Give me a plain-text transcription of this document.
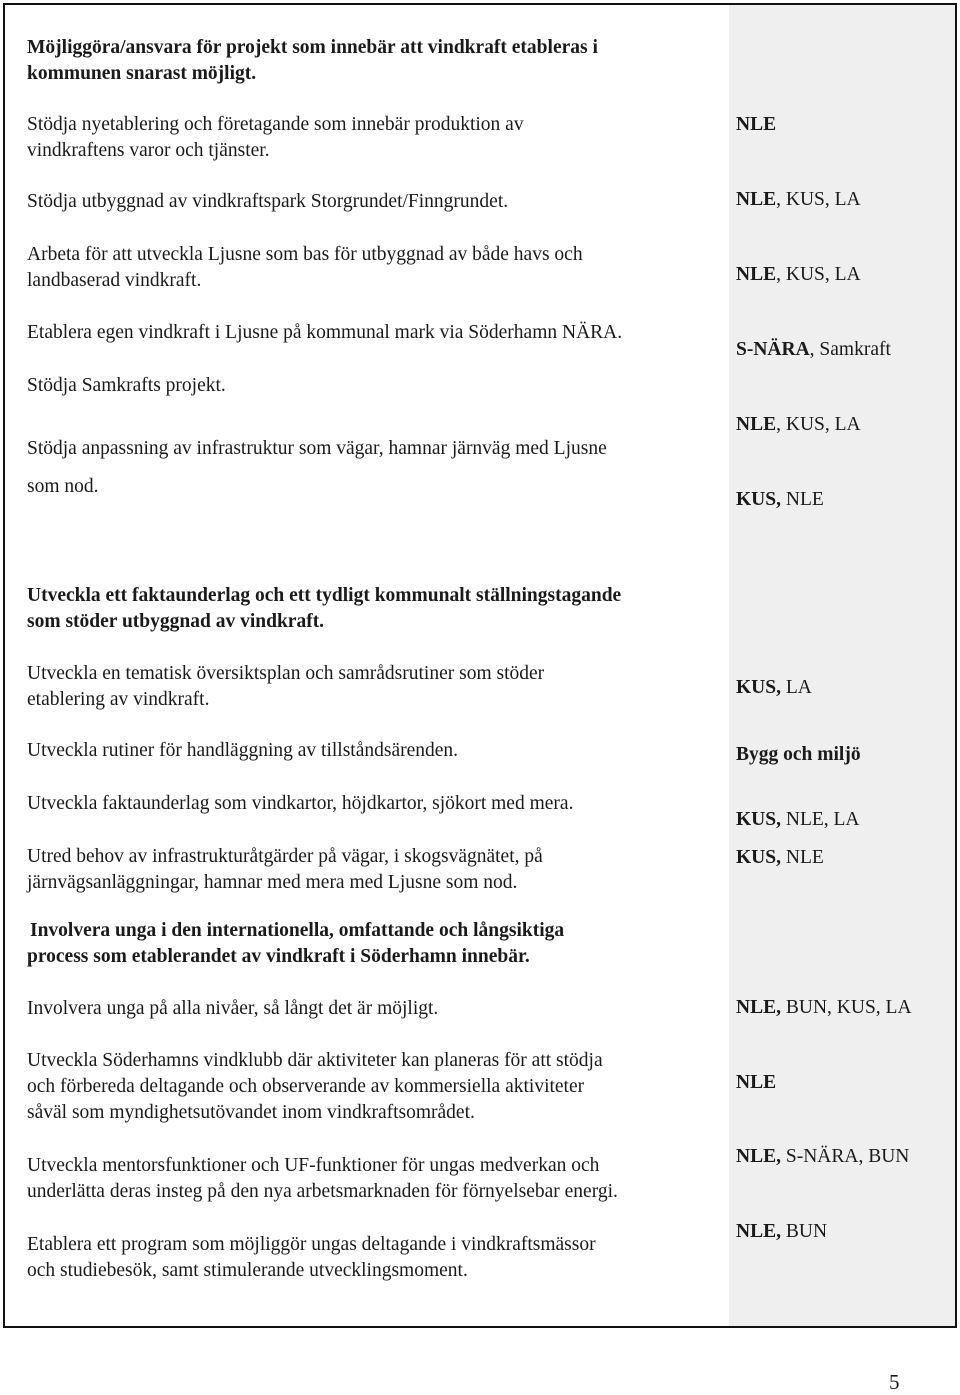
Möjliggöra/ansvara för projekt som innebär att vindkraft etableras i
kommunen snarast möjligt.
Stödja nyetablering och företagande som innebär produktion av
vindkraftens varor och tjänster.
Stödja utbyggnad av vindkraftspark Storgrundet/Finngrundet.
Arbeta för att utveckla Ljusne som bas för utbyggnad av både havs och
landbaserad vindkraft.
Etablera egen vindkraft i Ljusne på kommunal mark via Söderhamn NÄRA.
Stödja Samkrafts projekt.
Stödja anpassning av infrastruktur som vägar, hamnar järnväg med Ljusne
som nod.
NLE
NLE, KUS, LA
NLE, KUS, LA
S-NÄRA, Samkraft
NLE, KUS, LA
KUS, NLE
Utveckla ett faktaunderlag och ett tydligt kommunalt ställningstagande
som stöder utbyggnad av vindkraft.
Utveckla en tematisk översiktsplan och samrådsrutiner som stöder
etablering av vindkraft.
Utveckla rutiner för handläggning av tillståndsärenden.
Utveckla faktaunderlag som vindkartor, höjdkartor, sjökort med mera.
Utred behov av infrastrukturåtgärder på vägar, i skogsvägnätet, på
järnvägsanläggningar, hamnar med mera med Ljusne som nod.
KUS, LA
Bygg och miljö
KUS, NLE, LA
KUS, NLE
Involvera unga i den internationella, omfattande och långsiktiga
process som etablerandet av vindkraft i Söderhamn innebär.
Involvera unga på alla nivåer, så långt det är möjligt.
Utveckla Söderhamns vindklubb där aktiviteter kan planeras för att stödja
och förbereda deltagande och observerande av kommersiella aktiviteter
såväl som myndighetsutövandet inom vindkraftsområdet.
Utveckla mentorsfunktioner och UF-funktioner för ungas medverkan och
underlätta deras insteg på den nya arbetsmarknaden för förnyelsebar energi.
Etablera ett program som möjliggör ungas deltagande i vindkraftsmässor
och studiebesök, samt stimulerande utvecklingsmoment.
NLE, BUN, KUS, LA
NLE
NLE, S-NÄRA, BUN
NLE, BUN
5
